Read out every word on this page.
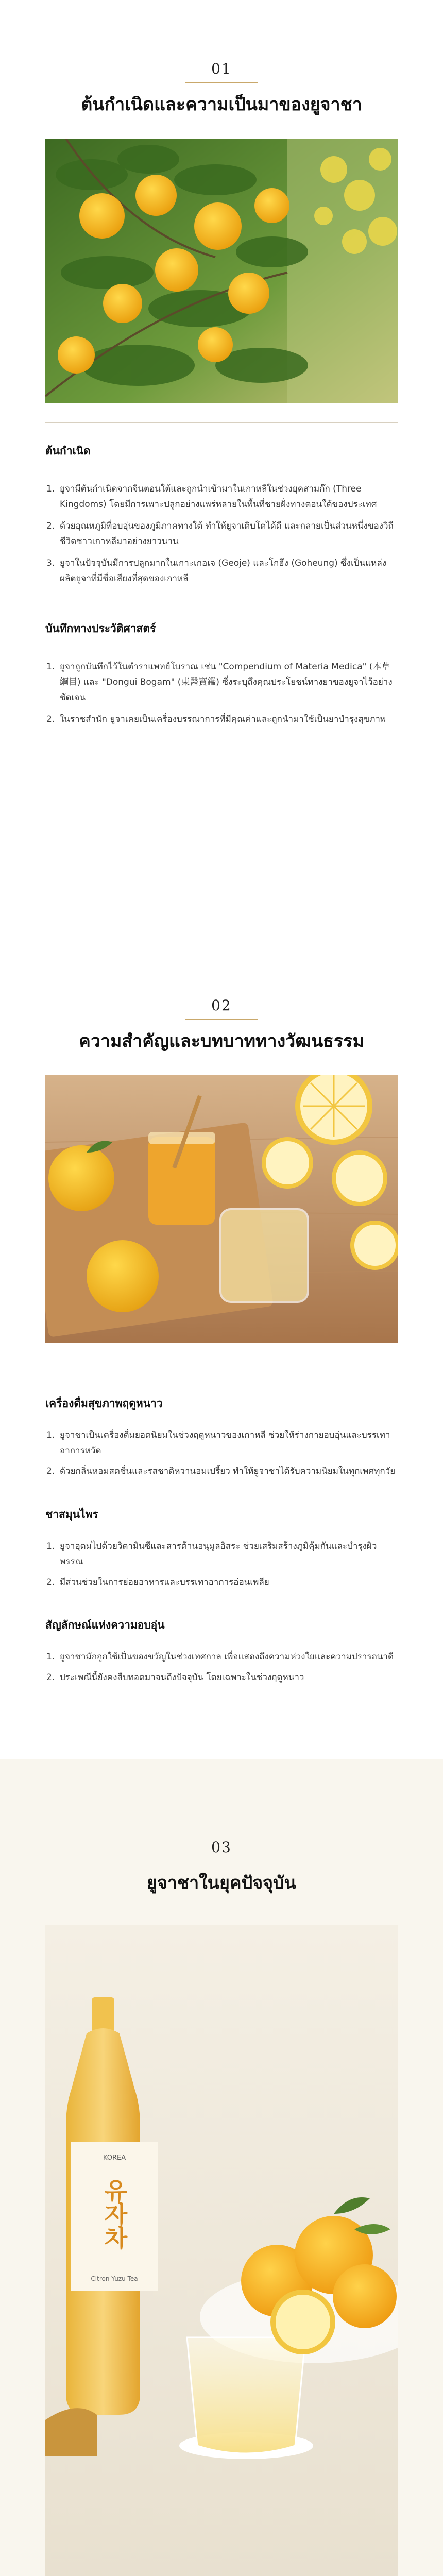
01
ต้นกำเนิดและความเป็นมาของยูจาชา
ต้นกำเนิด
1. ยูจามีต้นกำเนิดจากจีนตอนใต้และถูกนำเข้ามาในเกาหลีในช่วงยุคสามก๊ก (Three Kingdoms) โดยมีการเพาะปลูกอย่างแพร่หลายในพื้นที่ชายฝั่งทางตอนใต้ของประเทศ
2. ด้วยอุณหภูมิที่อบอุ่นของภูมิภาคทางใต้ ทำให้ยูจาเติบโตได้ดี และกลายเป็นส่วนหนึ่งของวิถีชีวิตชาวเกาหลีมาอย่างยาวนาน
3. ยูจาในปัจจุบันมีการปลูกมากในเกาะเกอเจ (Geoje) และโกฮึง (Goheung) ซึ่งเป็นแหล่งผลิตยูจาที่มีชื่อเสียงที่สุดของเกาหลี
บันทึกทางประวัติศาสตร์
1. ยูจาถูกบันทึกไว้ในตำราแพทย์โบราณ เช่น "Compendium of Materia Medica" (本草綱目) และ "Dongui Bogam" (東醫寶鑑) ซึ่งระบุถึงคุณประโยชน์ทางยาของยูจาไว้อย่างชัดเจน
2. ในราชสำนัก ยูจาเคยเป็นเครื่องบรรณาการที่มีคุณค่าและถูกนำมาใช้เป็นยาบำรุงสุขภาพ
02
ความสำคัญและบทบาททางวัฒนธรรม
เครื่องดื่มสุขภาพฤดูหนาว
1. ยูจาชาเป็นเครื่องดื่มยอดนิยมในช่วงฤดูหนาวของเกาหลี ช่วยให้ร่างกายอบอุ่นและบรรเทาอาการหวัด
2. ด้วยกลิ่นหอมสดชื่นและรสชาติหวานอมเปรี้ยว ทำให้ยูจาชาได้รับความนิยมในทุกเพศทุกวัย
ชาสมุนไพร
1. ยูจาอุดมไปด้วยวิตามินซีและสารต้านอนุมูลอิสระ ช่วยเสริมสร้างภูมิคุ้มกันและบำรุงผิวพรรณ
2. มีส่วนช่วยในการย่อยอาหารและบรรเทาอาการอ่อนเพลีย
สัญลักษณ์แห่งความอบอุ่น
1. ยูจาชามักถูกใช้เป็นของขวัญในช่วงเทศกาล เพื่อแสดงถึงความห่วงใยและความปรารถนาดี
2. ประเพณีนี้ยังคงสืบทอดมาจนถึงปัจจุบัน โดยเฉพาะในช่วงฤดูหนาว
03
ยูจาชาในยุคปัจจุบัน
KOREA
유자차
Citron Yuzu Tea
